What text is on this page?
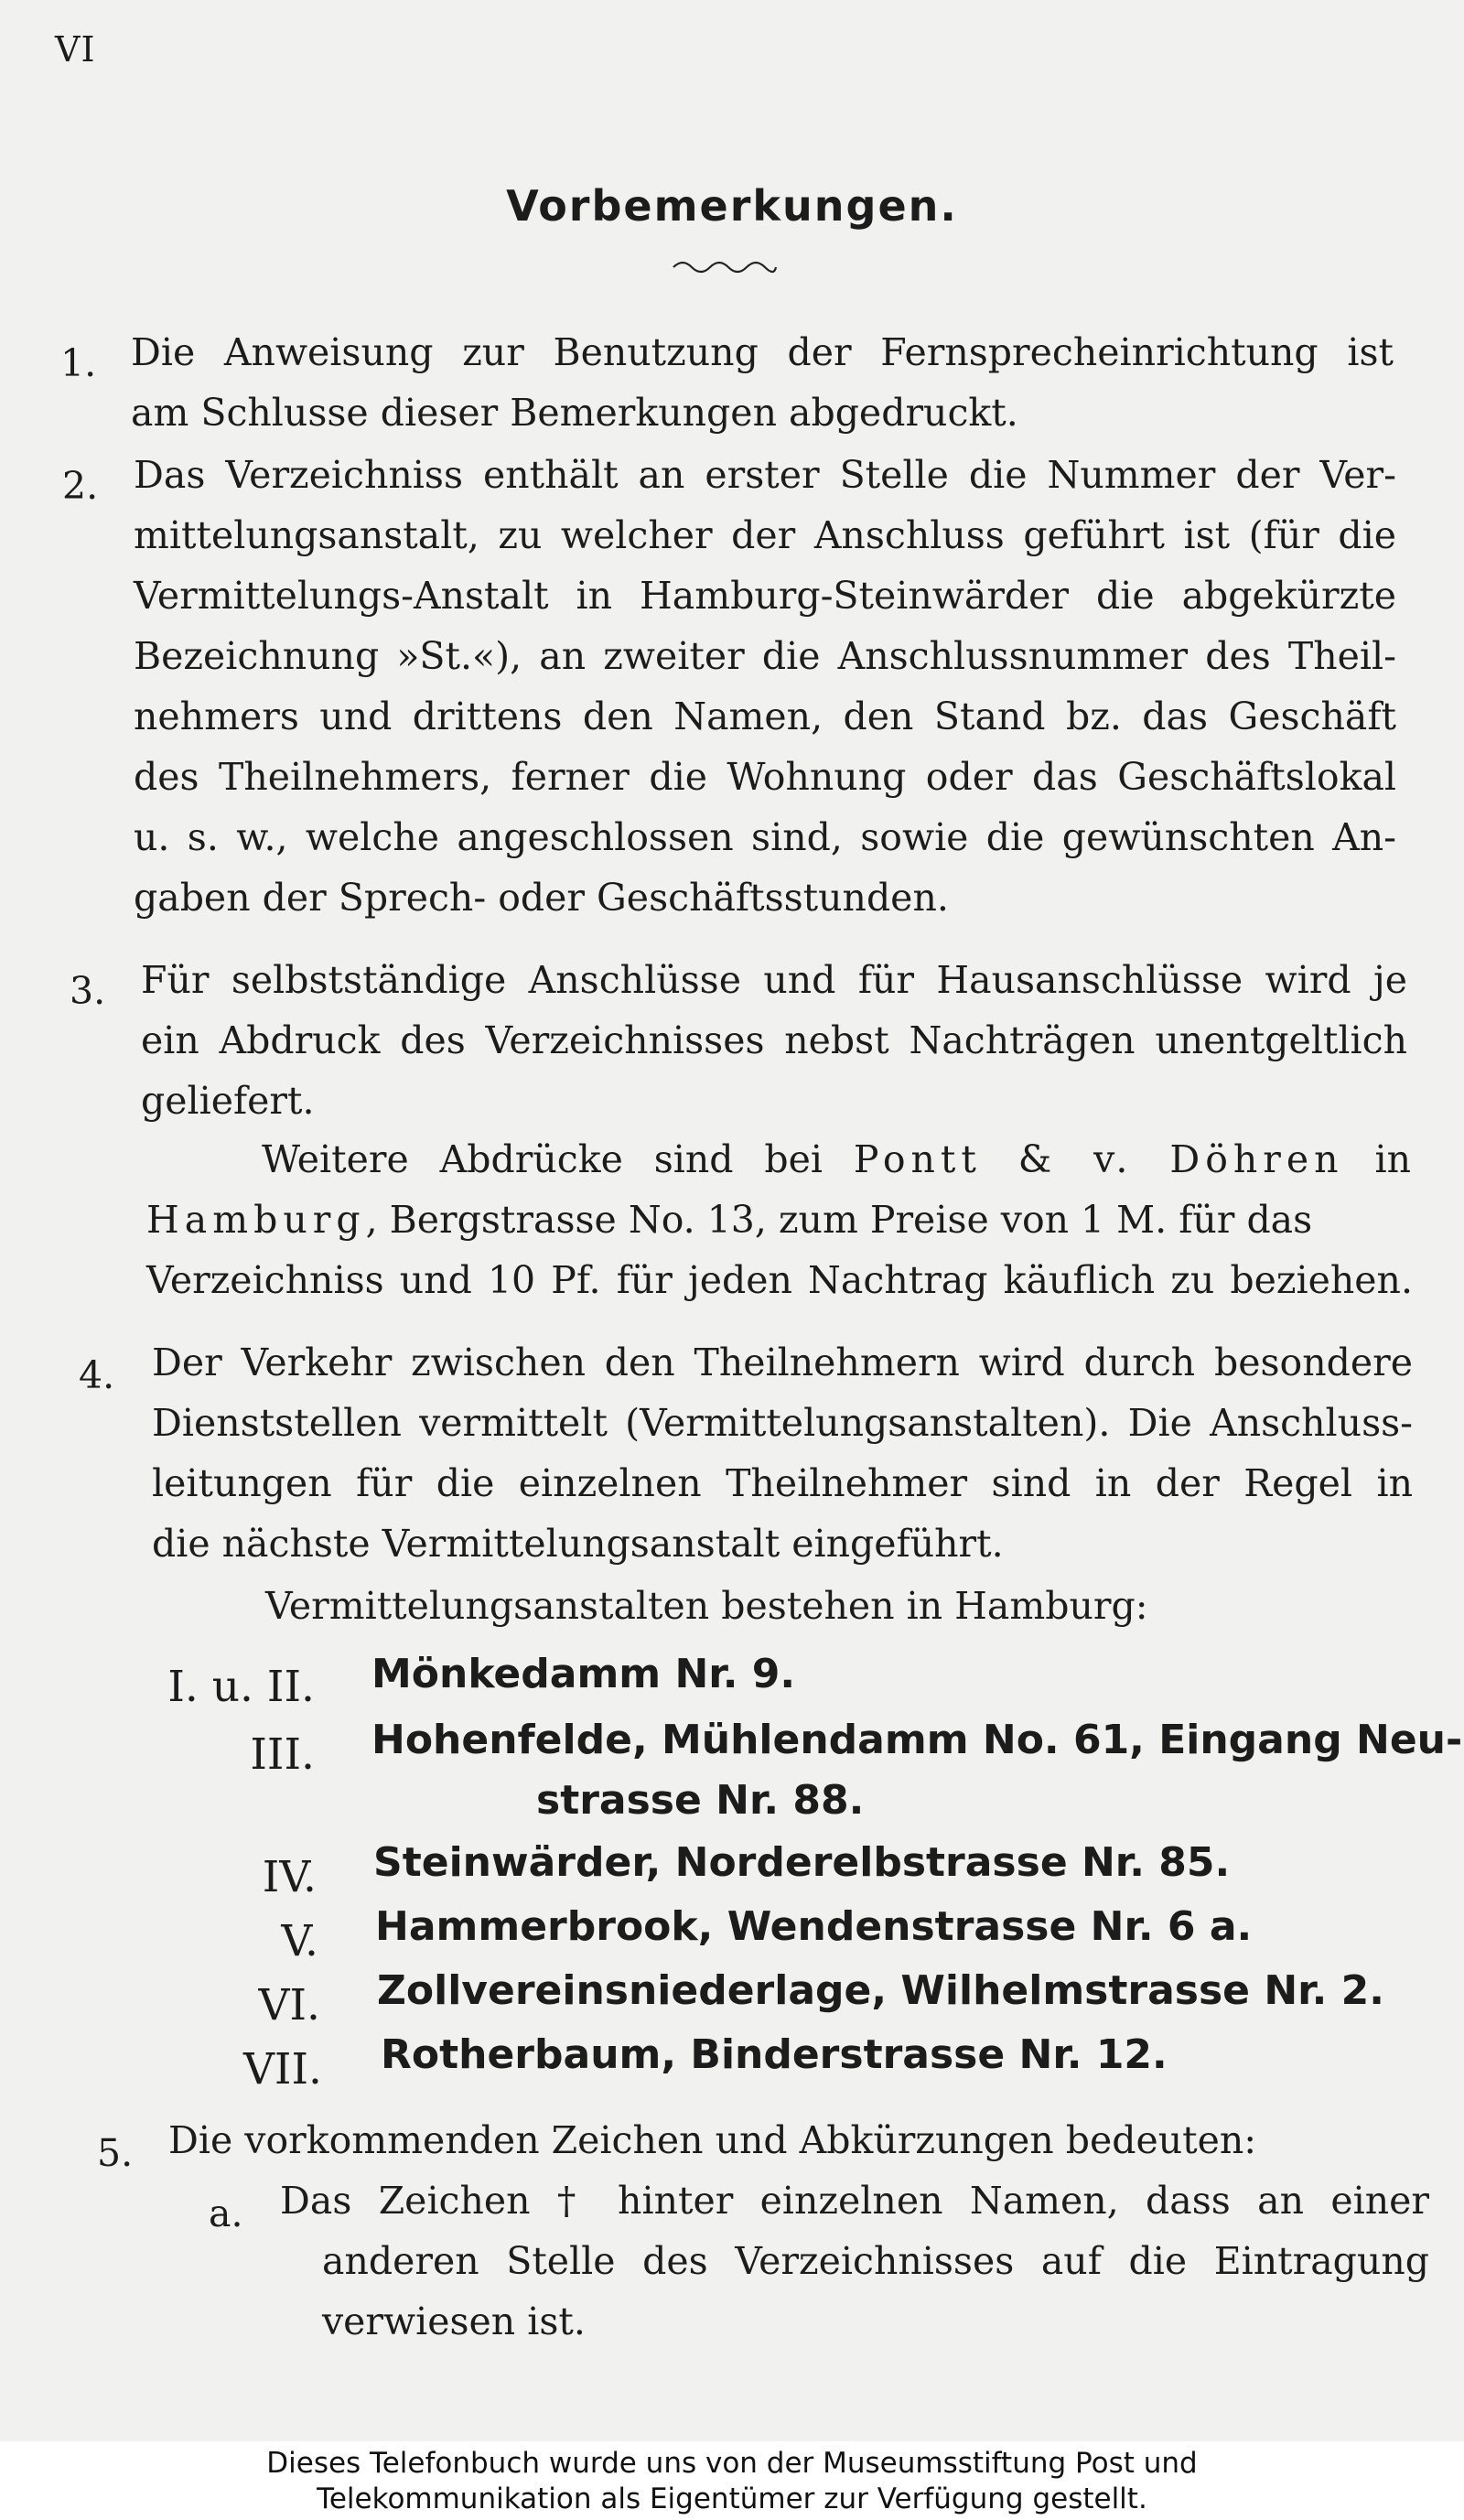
VI
Vorbemerkungen.
1. Die Anweisung zur Benutzung der Fernsprecheinrichtung ist
am Schlusse dieser Bemerkungen abgedruckt.
2. Das Verzeichniss enthält an erster Stelle die Nummer der Ver-
mittelungsanstalt, zu welcher der Anschluss geführt ist (für die
Vermittelungs-Anstalt in Hamburg-Steinwärder die abgekürzte
Bezeichnung »St.«), an zweiter die Anschlussnummer des Theil-
nehmers und drittens den Namen, den Stand bz. das Geschäft
des Theilnehmers, ferner die Wohnung oder das Geschäftslokal
u. s. w., welche angeschlossen sind, sowie die gewünschten An-
gaben der Sprech- oder Geschäftsstunden.
3. Für selbstständige Anschlüsse und für Hausanschlüsse wird je
ein Abdruck des Verzeichnisses nebst Nachträgen unentgeltlich
geliefert.
Weitere Abdrücke sind bei Pontt & v. Döhren in
Hamburg, Bergstrasse No. 13, zum Preise von 1 M. für das
Verzeichniss und 10 Pf. für jeden Nachtrag käuflich zu beziehen.
4. Der Verkehr zwischen den Theilnehmern wird durch besondere
Dienststellen vermittelt (Vermittelungsanstalten). Die Anschluss-
leitungen für die einzelnen Theilnehmer sind in der Regel in
die nächste Vermittelungsanstalt eingeführt.
Vermittelungsanstalten bestehen in Hamburg:
I. u. II. Mönkedamm Nr. 9.
III. Hohenfelde, Mühlendamm No. 61, Eingang Neu-
strasse Nr. 88.
IV. Steinwärder, Norderelbstrasse Nr. 85.
V. Hammerbrook, Wendenstrasse Nr. 6 a.
VI. Zollvereinsniederlage, Wilhelmstrasse Nr. 2.
VII. Rotherbaum, Binderstrasse Nr. 12.
5. Die vorkommenden Zeichen und Abkürzungen bedeuten:
a. Das Zeichen † hinter einzelnen Namen, dass an einer
anderen Stelle des Verzeichnisses auf die Eintragung
verwiesen ist.
Dieses Telefonbuch wurde uns von der Museumsstiftung Post und
Telekommunikation als Eigentümer zur Verfügung gestellt.
